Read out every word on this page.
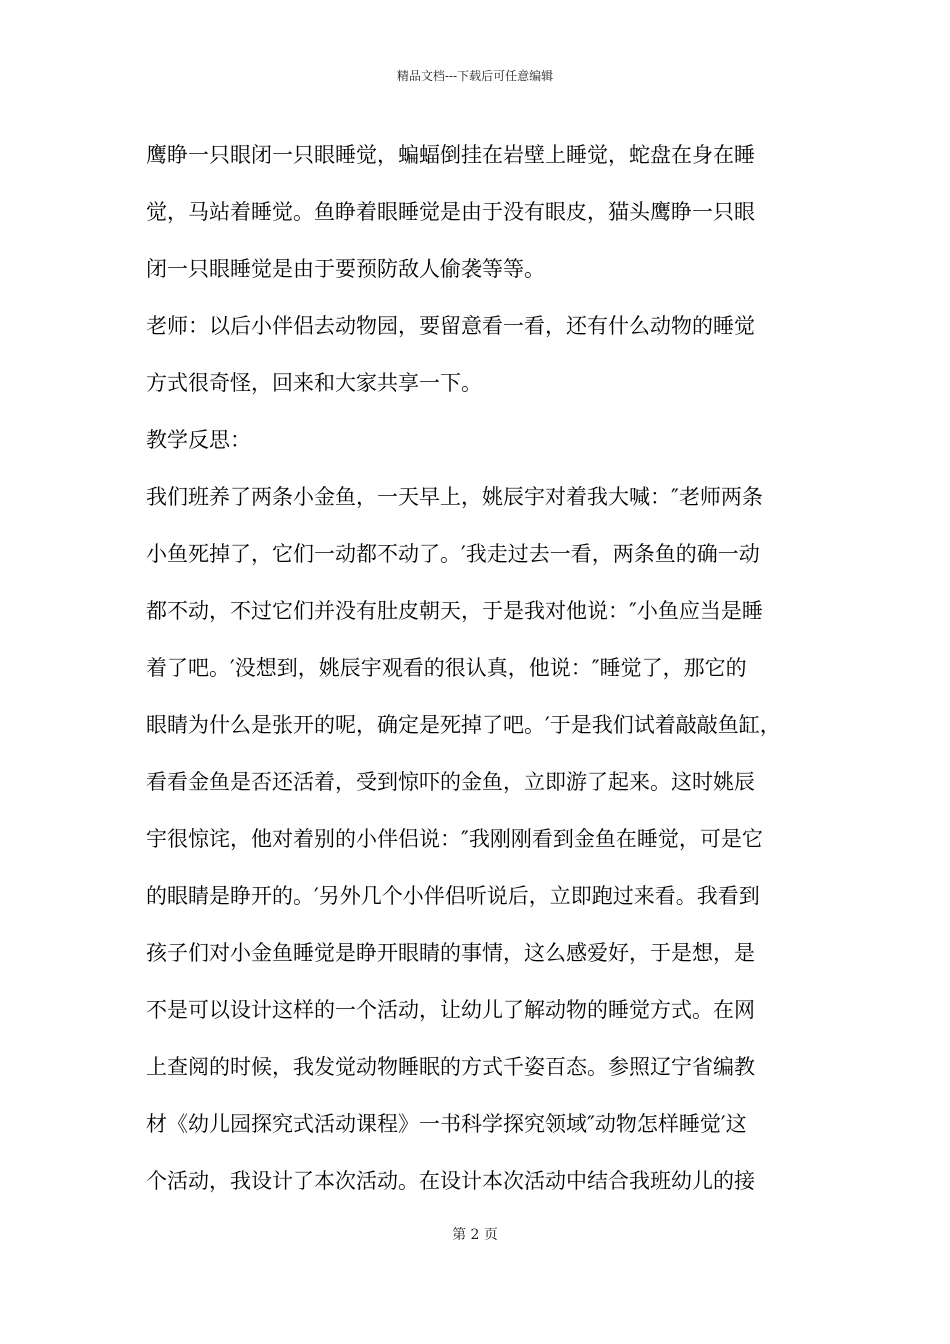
精品文档---下载后可任意编辑
鹰睁一只眼闭一只眼睡觉，蝙蝠倒挂在岩壁上睡觉，蛇盘在身在睡
觉，马站着睡觉。鱼睁着眼睡觉是由于没有眼皮，猫头鹰睁一只眼
闭一只眼睡觉是由于要预防敌人偷袭等等。
老师：以后小伴侣去动物园，要留意看一看，还有什么动物的睡觉
方式很奇怪，回来和大家共享一下。
教学反思：
我们班养了两条小金鱼，一天早上，姚辰宇对着我大喊：″老师两条
小鱼死掉了，它们一动都不动了。′我走过去一看，两条鱼的确一动
都不动，不过它们并没有肚皮朝天，于是我对他说：″小鱼应当是睡
着了吧。′没想到，姚辰宇观看的很认真，他说：″睡觉了，那它的
眼睛为什么是张开的呢，确定是死掉了吧。′于是我们试着敲敲鱼缸，
看看金鱼是否还活着，受到惊吓的金鱼，立即游了起来。这时姚辰
宇很惊诧，他对着别的小伴侣说：″我刚刚看到金鱼在睡觉，可是它
的眼睛是睁开的。′另外几个小伴侣听说后，立即跑过来看。我看到
孩子们对小金鱼睡觉是睁开眼睛的事情，这么感爱好，于是想，是
不是可以设计这样的一个活动，让幼儿了解动物的睡觉方式。在网
上查阅的时候，我发觉动物睡眠的方式千姿百态。参照辽宁省编教
材《幼儿园探究式活动课程》一书科学探究领域″动物怎样睡觉′这
个活动，我设计了本次活动。在设计本次活动中结合我班幼儿的接
第 2 页
